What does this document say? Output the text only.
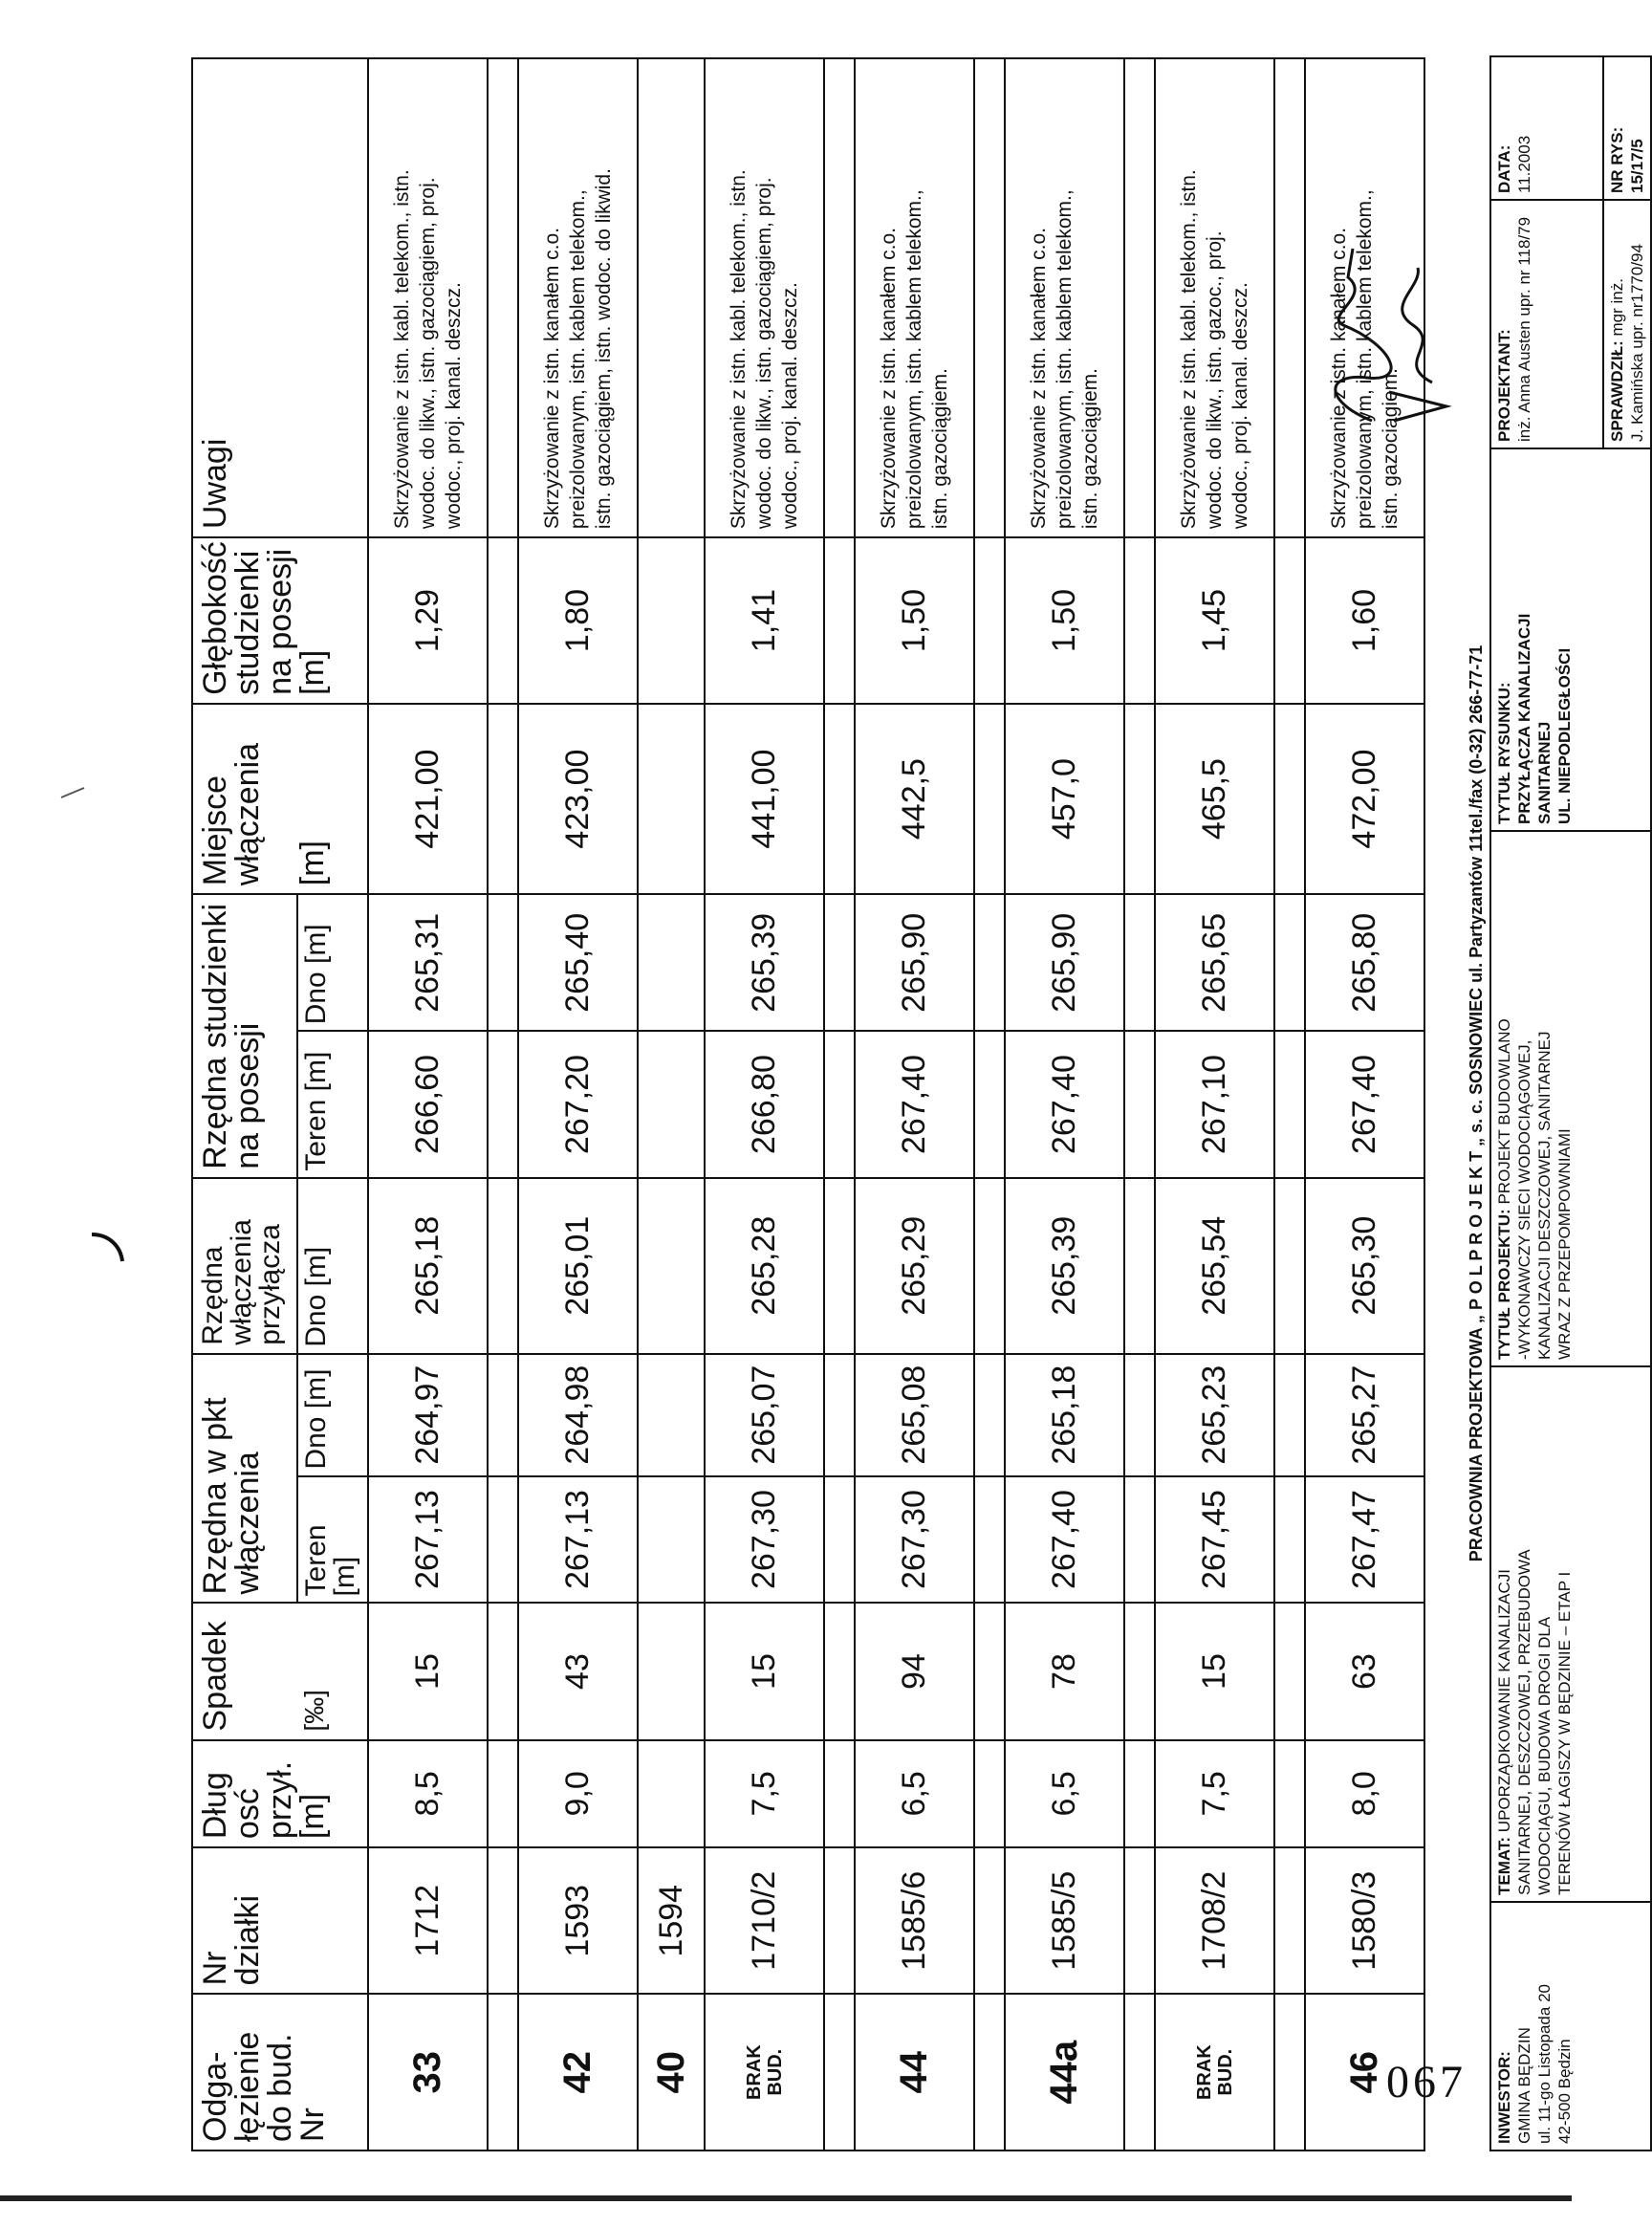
Odga-
łęzienie
do bud.
Nr	Nr
działki	Dług
osć
przył.
[m]	Spadek [‰]	Rzędna w pkt
włączenia		Rzędna
włączenia
przyłącza	Rzędna studzienki
na posesji		Miejsce
włączenia [m]	Głębokość
studzienki
na posesji
[m]	Uwagi
				Teren [m]	Dno [m]	Dno [m]	Teren [m]	Dno [m]			
33	1712	8,5	15	267,13	264,97	265,18	266,60	265,31	421,00	1,29	Skrzyżowanie z istn. kabl. telekom., istn.
wodoc. do likw., istn. gazociągiem, proj.
wodoc., proj. kanal. deszcz.

42	1593	9,0	43	267,13	264,98	265,01	267,20	265,40	423,00	1,80	Skrzyżowanie z istn. kanałem c.o.
preizolowanym, istn. kablem telekom.,
istn. gazociągiem, istn. wodoc. do likwid.
40	1594										
BRAK
BUD.	1710/2	7,5	15	267,30	265,07	265,28	266,80	265,39	441,00	1,41	Skrzyżowanie z istn. kabl. telekom., istn.
wodoc. do likw., istn. gazociągiem, proj.
wodoc., proj. kanal. deszcz.

44	1585/6	6,5	94	267,30	265,08	265,29	267,40	265,90	442,5	1,50	Skrzyżowanie z istn. kanałem c.o.
preizolowanym, istn. kablem telekom.,
istn. gazociągiem.

44a	1585/5	6,5	78	267,40	265,18	265,39	267,40	265,90	457,0	1,50	Skrzyżowanie z istn. kanałem c.o.
preizolowanym, istn. kablem telekom.,
istn. gazociągiem.

BRAK
BUD.	1708/2	7,5	15	267,45	265,23	265,54	267,10	265,65	465,5	1,45	Skrzyżowanie z istn. kabl. telekom., istn.
wodoc. do likw., istn. gazoc., proj.
wodoc., proj. kanal. deszcz.

46	1580/3	8,0	63	267,47	265,27	265,30	267,40	265,80	472,00	1,60	Skrzyżowanie z istn. kanałem c.o.
preizolowanym, istn. kablem telekom.,
istn. gazociągiem.
PRACOWNIA PROJEKTOWA „ P O L P R O J E K T „ s. c. SOSNOWIEC ul. Partyzantów 11tel./fax (0-32) 266-77-71					
INWESTOR: GMINA BĘDZIN
ul. 11-go Listopada 20
42-500 Będzin	TEMAT: UPORZĄDKOWANIE KANALIZACJI
SANITARNEJ, DESZCZOWEJ, PRZEBUDOWA
WODOCIĄGU, BUDOWA DROGI DLA
TERENÓW ŁAGISZY W BĘDZINIE – ETAP I	TYTUŁ PROJEKTU: PROJEKT BUDOWLANO
-WYKONAWCZY SIECI WODOCIĄGOWEJ,
KANALIZACJI DESZCZOWEJ, SANITARNEJ
WRAZ Z PRZEPOMPOWNIAMI	TYTUŁ RYSUNKU: PRZYŁĄCZA KANALIZACJI
SANITARNEJ
UL. NIEPODLEGŁOŚCI	PROJEKTANT: inż. Anna Austen upr. nr 118/79	DATA: 11.2003
				SPRAWDZIŁ: mgr inż.
J. Kamińska upr. nr1770/94	NR RYS: 15/17/5
067
